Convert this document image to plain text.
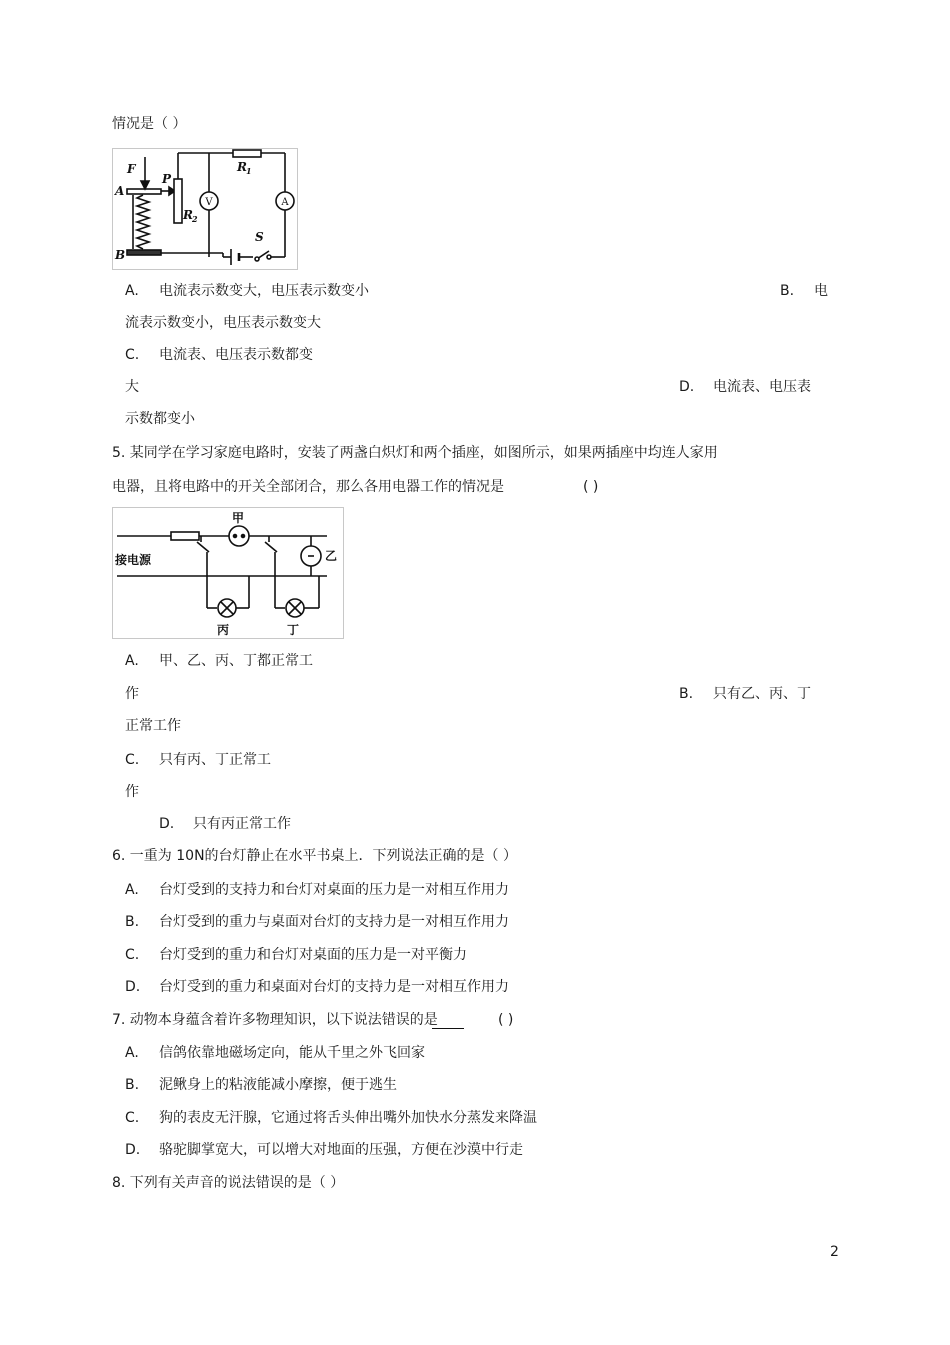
情况是（ ）
F
A
B
P
R 1
R 2
S
V	A
A. 电流表示数变大，电压表示数变小	B. 电
流表示数变小，电压表示数变大
C. 电流表、电压表示数都变
大	D. 电流表、电压表
示数都变小
5. 某同学在学习家庭电路时，安装了两盏白炽灯和两个插座，如图所示，如果两插座中均连人家用
电器，且将电路中的开关全部闭合，那么各用电器工作的情况是	( )
接电源
甲
乙
丙	丁
A. 甲、乙、丙、丁都正常工
作	B. 只有乙、丙、丁
正常工作
C. 只有丙、丁正常工
作
D. 只有丙正常工作
6. 一重为 10N的台灯静止在水平书桌上．下列说法正确的是（ ）
A. 台灯受到的支持力和台灯对桌面的压力是一对相互作用力
B. 台灯受到的重力与桌面对台灯的支持力是一对相互作用力
C. 台灯受到的重力和台灯对桌面的压力是一对平衡力
D. 台灯受到的重力和桌面对台灯的支持力是一对相互作用力
7. 动物本身蕴含着许多物理知识，以下说法错误的是	( )
A. 信鸽依靠地磁场定向，能从千里之外飞回家
B. 泥鳅身上的粘液能减小摩擦，便于逃生
C. 狗的表皮无汗腺，它通过将舌头伸出嘴外加快水分蒸发来降温
D. 骆驼脚掌宽大，可以增大对地面的压强，方便在沙漠中行走
8. 下列有关声音的说法错误的是（ ）
2
